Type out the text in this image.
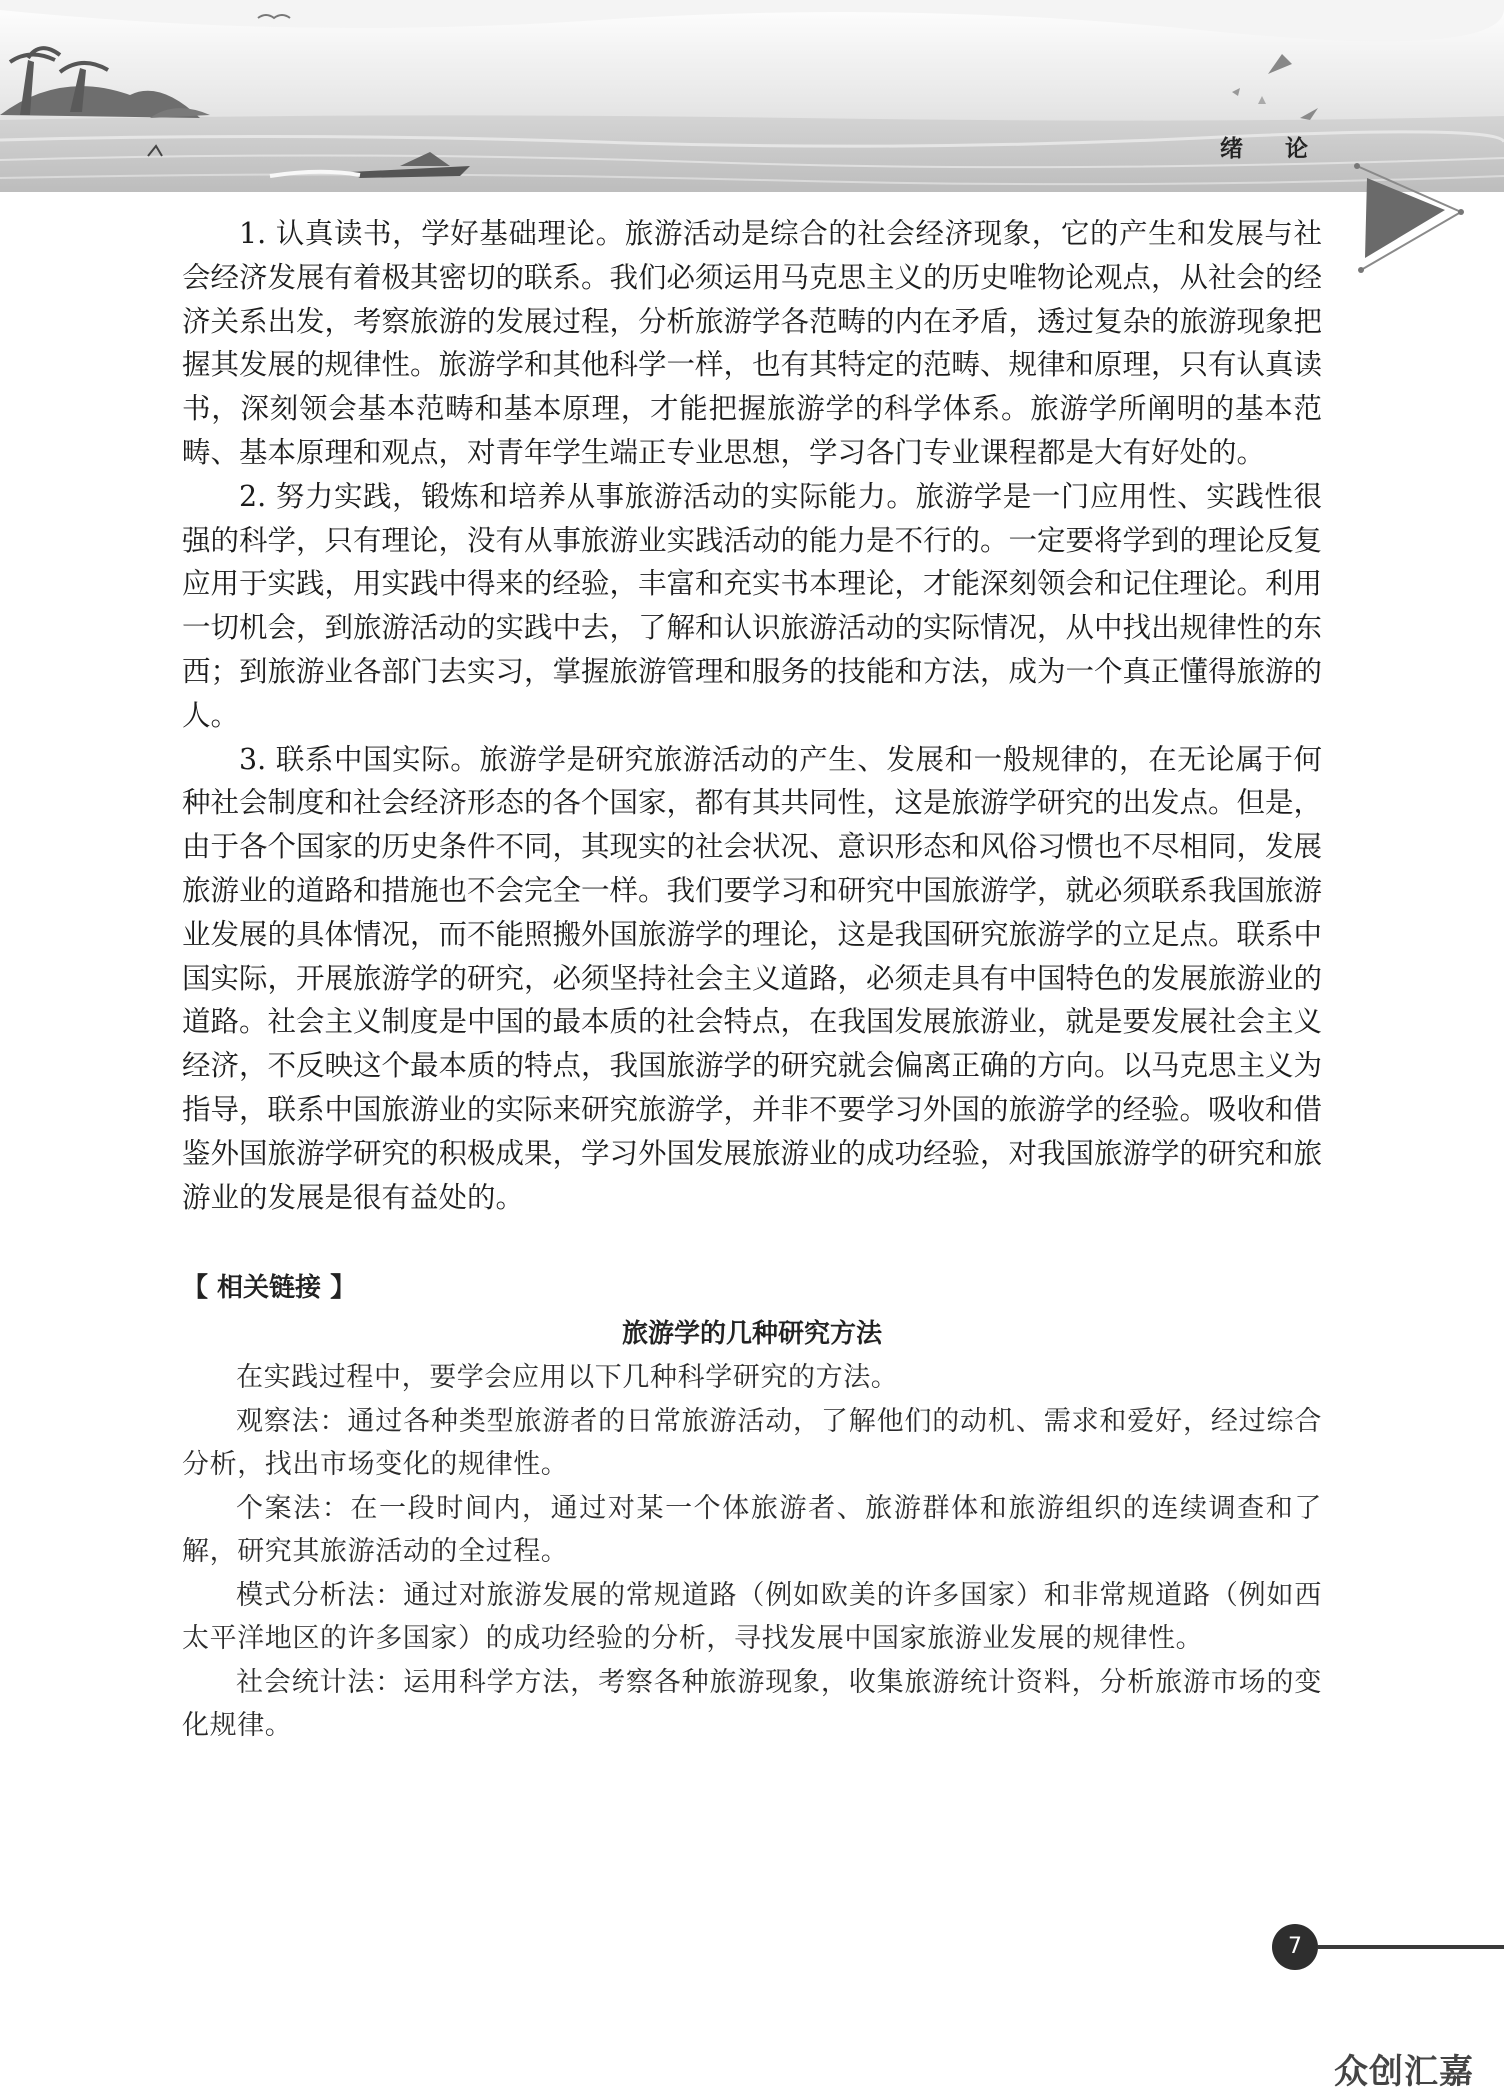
绪论

1. 认真读书，学好基础理论。旅游活动是综合的社会经济现象，它的产生和发展与社会经济发展有着极其密切的联系。我们必须运用马克思主义的历史唯物论观点，从社会的经济关系出发，考察旅游的发展过程，分析旅游学各范畴的内在矛盾，透过复杂的旅游现象把握其发展的规律性。旅游学和其他科学一样，也有其特定的范畴、规律和原理，只有认真读书，深刻领会基本范畴和基本原理，才能把握旅游学的科学体系。旅游学所阐明的基本范畴、基本原理和观点，对青年学生端正专业思想，学习各门专业课程都是大有好处的。

2. 努力实践，锻炼和培养从事旅游活动的实际能力。旅游学是一门应用性、实践性很强的科学，只有理论，没有从事旅游业实践活动的能力是不行的。一定要将学到的理论反复应用于实践，用实践中得来的经验，丰富和充实书本理论，才能深刻领会和记住理论。利用一切机会，到旅游活动的实践中去，了解和认识旅游活动的实际情况，从中找出规律性的东西；到旅游业各部门去实习，掌握旅游管理和服务的技能和方法，成为一个真正懂得旅游的人。

3. 联系中国实际。旅游学是研究旅游活动的产生、发展和一般规律的，在无论属于何种社会制度和社会经济形态的各个国家，都有其共同性，这是旅游学研究的出发点。但是，由于各个国家的历史条件不同，其现实的社会状况、意识形态和风俗习惯也不尽相同，发展旅游业的道路和措施也不会完全一样。我们要学习和研究中国旅游学，就必须联系我国旅游业发展的具体情况，而不能照搬外国旅游学的理论，这是我国研究旅游学的立足点。联系中国实际，开展旅游学的研究，必须坚持社会主义道路，必须走具有中国特色的发展旅游业的道路。社会主义制度是中国的最本质的社会特点，在我国发展旅游业，就是要发展社会主义经济，不反映这个最本质的特点，我国旅游学的研究就会偏离正确的方向。以马克思主义为指导，联系中国旅游业的实际来研究旅游学，并非不要学习外国的旅游学的经验。吸收和借鉴外国旅游学研究的积极成果，学习外国发展旅游业的成功经验，对我国旅游学的研究和旅游业的发展是很有益处的。

【 相关链接 】
旅游学的几种研究方法

在实践过程中，要学会应用以下几种科学研究的方法。

观察法：通过各种类型旅游者的日常旅游活动，了解他们的动机、需求和爱好，经过综合分析，找出市场变化的规律性。

个案法：在一段时间内，通过对某一个体旅游者、旅游群体和旅游组织的连续调查和了解，研究其旅游活动的全过程。

模式分析法：通过对旅游发展的常规道路（例如欧美的许多国家）和非常规道路（例如西太平洋地区的许多国家）的成功经验的分析，寻找发展中国家旅游业发展的规律性。

社会统计法：运用科学方法，考察各种旅游现象，收集旅游统计资料，分析旅游市场的变化规律。

7
众创汇嘉
